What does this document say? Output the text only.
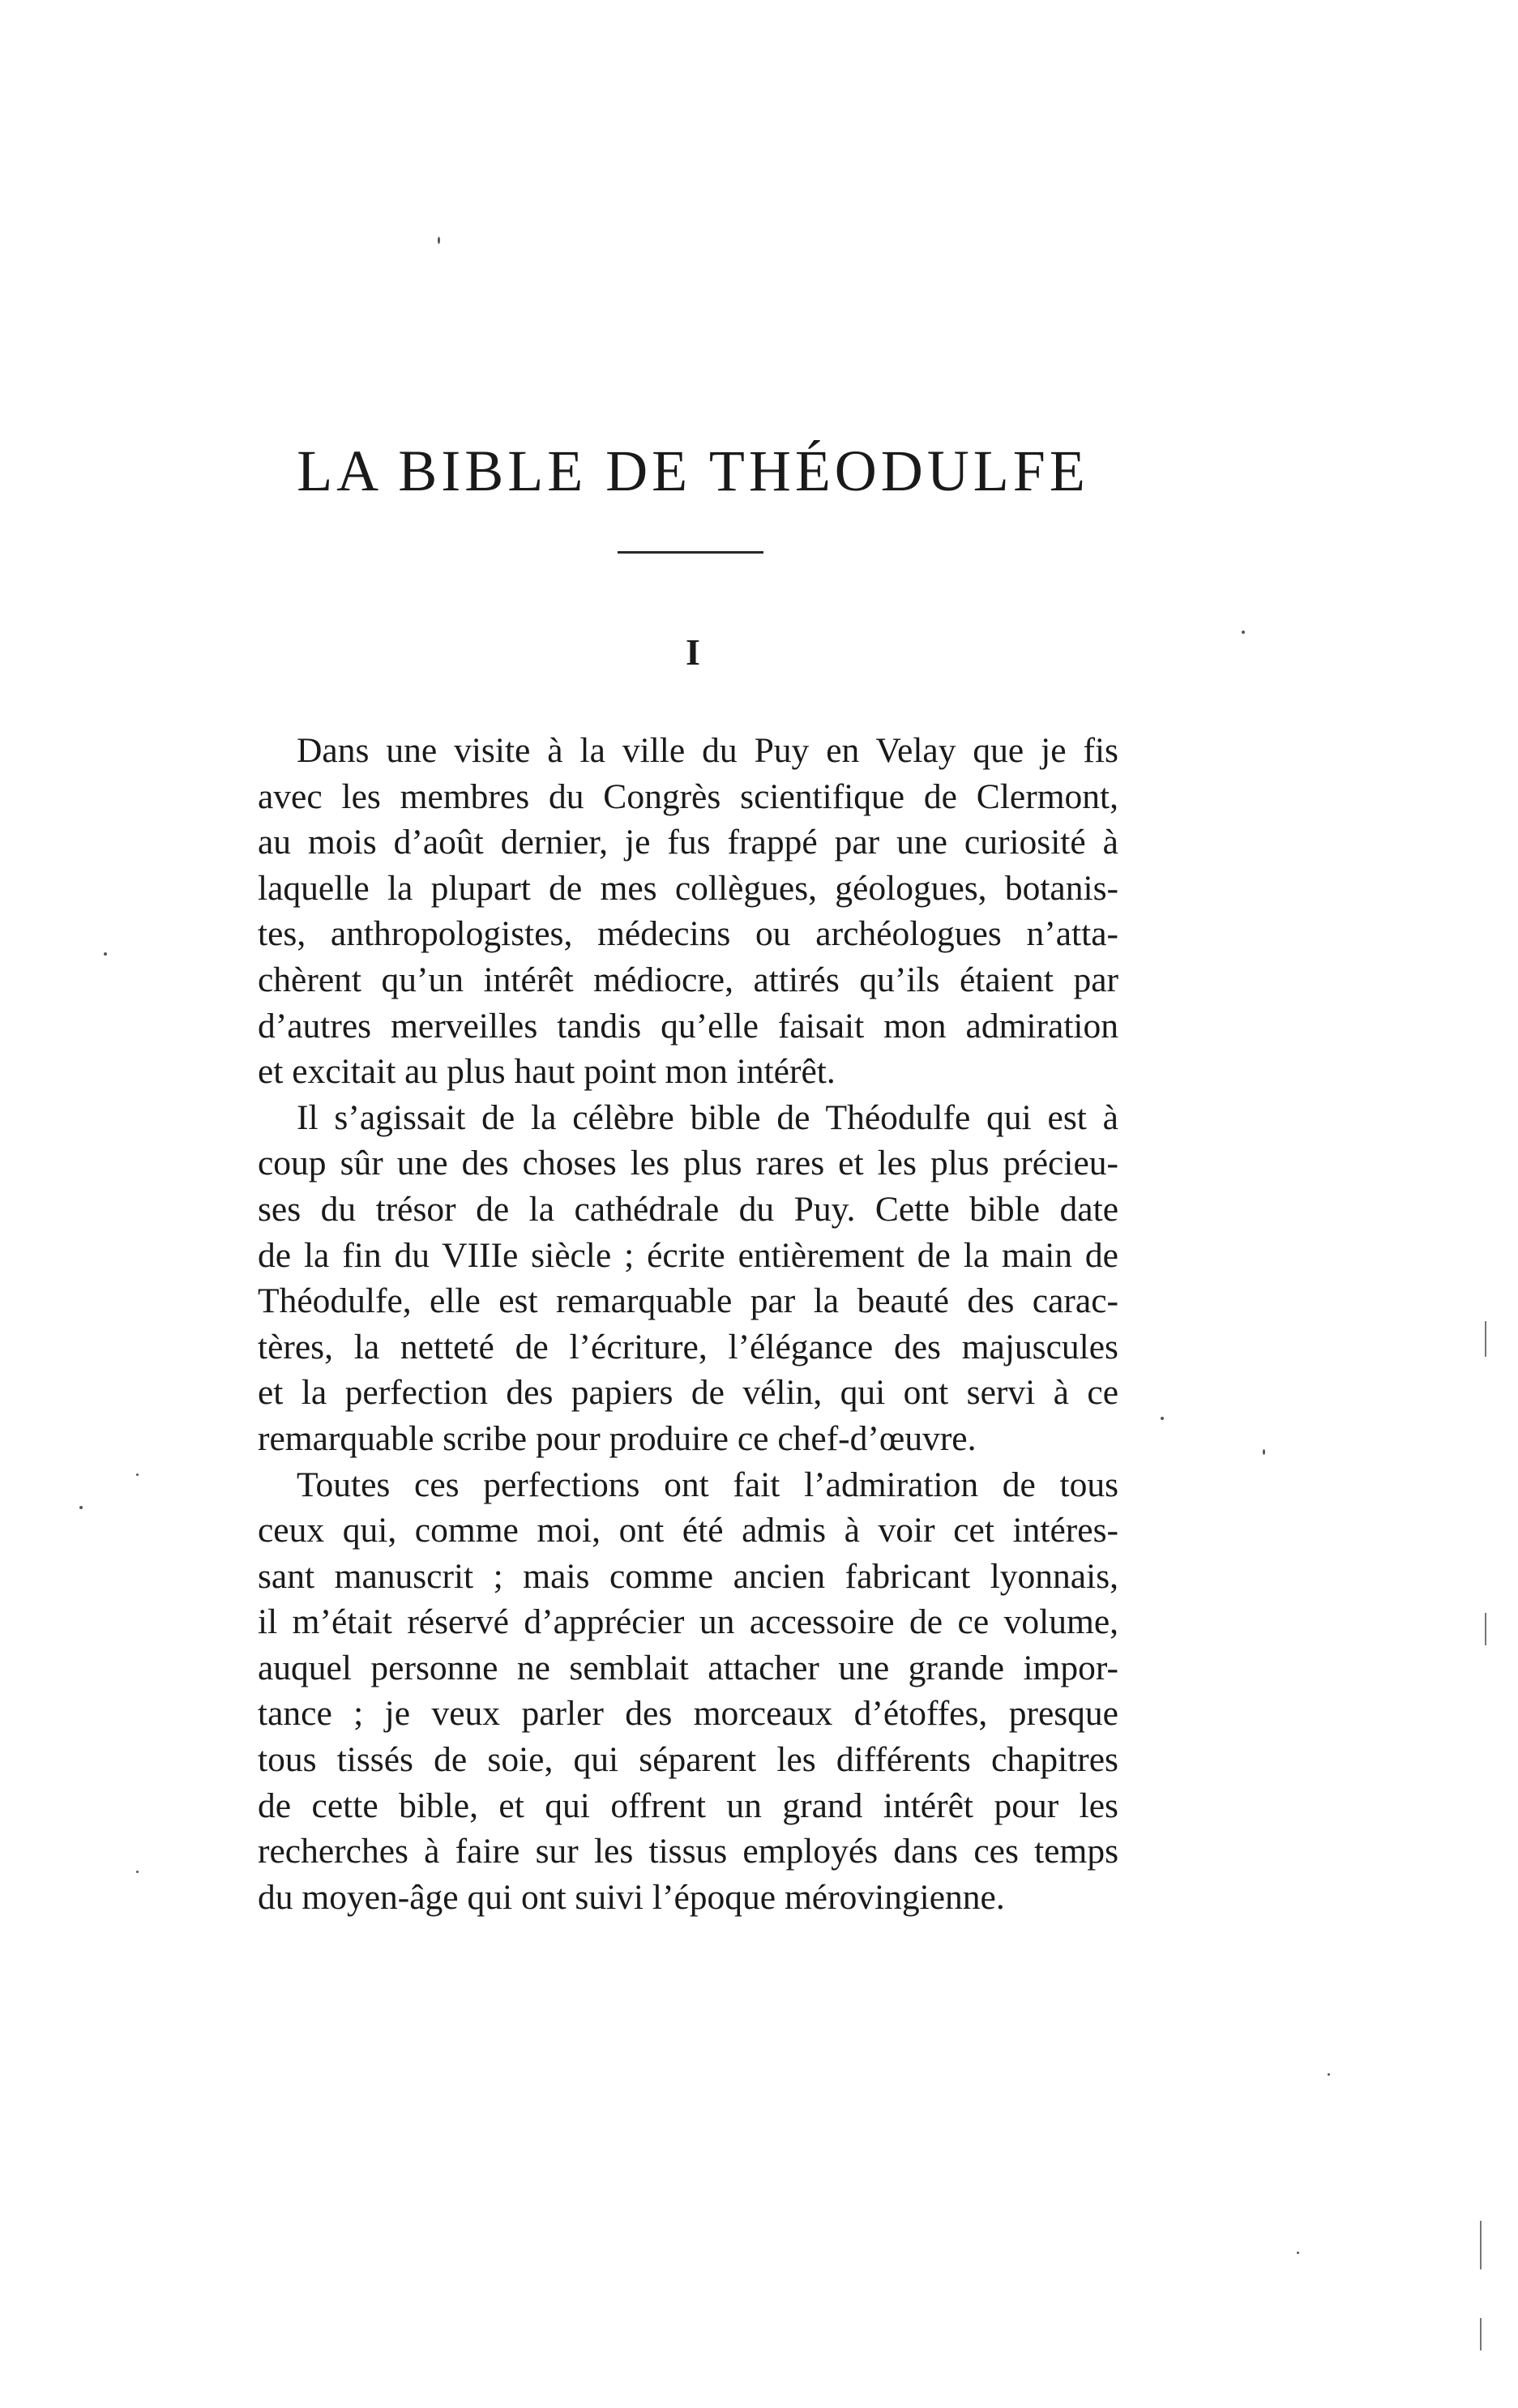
LA BIBLE DE THÉODULFE
I

Dans une visite à la ville du Puy en Velay que je fis
avec les membres du Congrès scientifique de Clermont,
au mois d’août dernier, je fus frappé par une curiosité à
laquelle la plupart de mes collègues, géologues, botanis-
tes, anthropologistes, médecins ou archéologues n’atta-
chèrent qu’un intérêt médiocre, attirés qu’ils étaient par
d’autres merveilles tandis qu’elle faisait mon admiration
et excitait au plus haut point mon intérêt.

Il s’agissait de la célèbre bible de Théodulfe qui est à
coup sûr une des choses les plus rares et les plus précieu-
ses du trésor de la cathédrale du Puy. Cette bible date
de la fin du VIIIe siècle ; écrite entièrement de la main de
Théodulfe, elle est remarquable par la beauté des carac-
tères, la netteté de l’écriture, l’élégance des majuscules
et la perfection des papiers de vélin, qui ont servi à ce
remarquable scribe pour produire ce chef-d’œuvre.

Toutes ces perfections ont fait l’admiration de tous
ceux qui, comme moi, ont été admis à voir cet intéres-
sant manuscrit ; mais comme ancien fabricant lyonnais,
il m’était réservé d’apprécier un accessoire de ce volume,
auquel personne ne semblait attacher une grande impor-
tance ; je veux parler des morceaux d’étoffes, presque
tous tissés de soie, qui séparent les différents chapitres
de cette bible, et qui offrent un grand intérêt pour les
recherches à faire sur les tissus employés dans ces temps
du moyen-âge qui ont suivi l’époque mérovingienne.
